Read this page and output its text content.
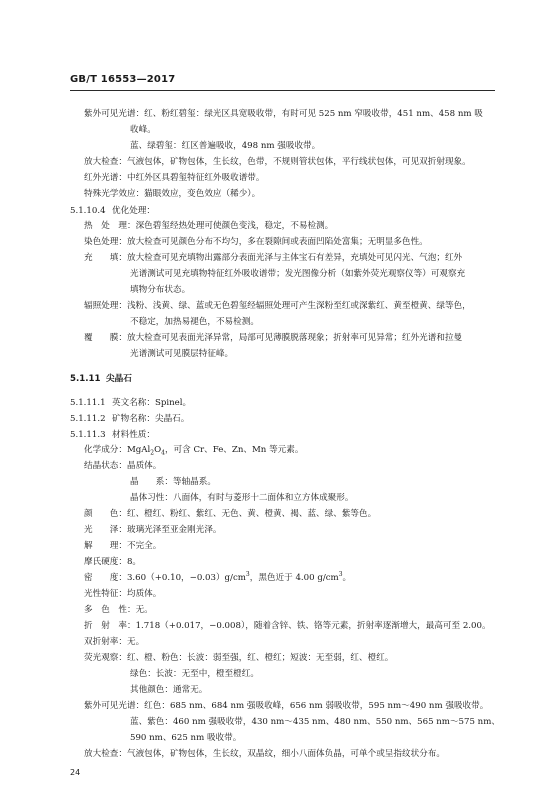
GB/T 16553—2017
紫外可见光谱：红、粉红碧玺：绿光区具宽吸收带，有时可见 525 nm 窄吸收带，451 nm、458 nm 吸
收峰。
蓝、绿碧玺：红区普遍吸收，498 nm 强吸收带。
放大检查：气液包体，矿物包体，生长纹，色带，不规则管状包体，平行线状包体，可见双折射现象。
红外光谱：中红外区具碧玺特征红外吸收谱带。
特殊光学效应：猫眼效应，变色效应（稀少）。
5.1.10.4 优化处理：
热　处　理：深色碧玺经热处理可使颜色变浅，稳定，不易检测。
染色处理：放大检查可见颜色分布不均匀，多在裂隙间或表面凹陷处富集；无明显多色性。
充　　填：放大检查可见充填物出露部分表面光泽与主体宝石有差异，充填处可见闪光、气泡；红外
光谱测试可见充填物特征红外吸收谱带；发光图像分析（如紫外荧光观察仪等）可观察充
填物分布状态。
辐照处理：浅粉、浅黄、绿、蓝或无色碧玺经辐照处理可产生深粉至红或深紫红、黄至橙黄、绿等色，
不稳定，加热易褪色，不易检测。
覆　　膜：放大检查可见表面光泽异常，局部可见薄膜脱落现象；折射率可见异常；红外光谱和拉曼
光谱测试可见膜层特征峰。
5.1.11 尖晶石
5.1.11.1 英文名称：Spinel。
5.1.11.2 矿物名称：尖晶石。
5.1.11.3 材料性质：
化学成分：$MgAl_2O_4$，可含 Cr、Fe、Zn、Mn 等元素。
结晶状态：晶质体。
晶　　系：等轴晶系。
晶体习性：八面体，有时与菱形十二面体和立方体成聚形。
颜　　色：红、橙红、粉红、紫红、无色、黄、橙黄、褐、蓝、绿、紫等色。
光　　泽：玻璃光泽至亚金刚光泽。
解　　理：不完全。
摩氏硬度：8。
密　　度：3.60（+0.10，$-0.03)g/cm^3$，黑色近于 4.00 $g/cm^3$。
光性特征：均质体。
多　色　性：无。
折　射　率：1.718（+0.017，−0.008），随着含锌、铁、铬等元素，折射率逐渐增大，最高可至 2.00。
双折射率：无。
荧光观察：红、橙、粉色：长波：弱至强，红、橙红；短波：无至弱，红、橙红。
绿色：长波：无至中，橙至橙红。
其他颜色：通常无。
紫外可见光谱：红色：685 nm、684 nm 强吸收峰，656 nm 弱吸收带，595 nm～490 nm 强吸收带。
蓝、紫色：460 nm 强吸收带，430 nm～435 nm、480 nm、550 nm、565 nm～575 nm、
590 nm、625 nm 吸收带。
放大检查：气液包体，矿物包体，生长纹，双晶纹，细小八面体负晶，可单个或呈指纹状分布。
24
